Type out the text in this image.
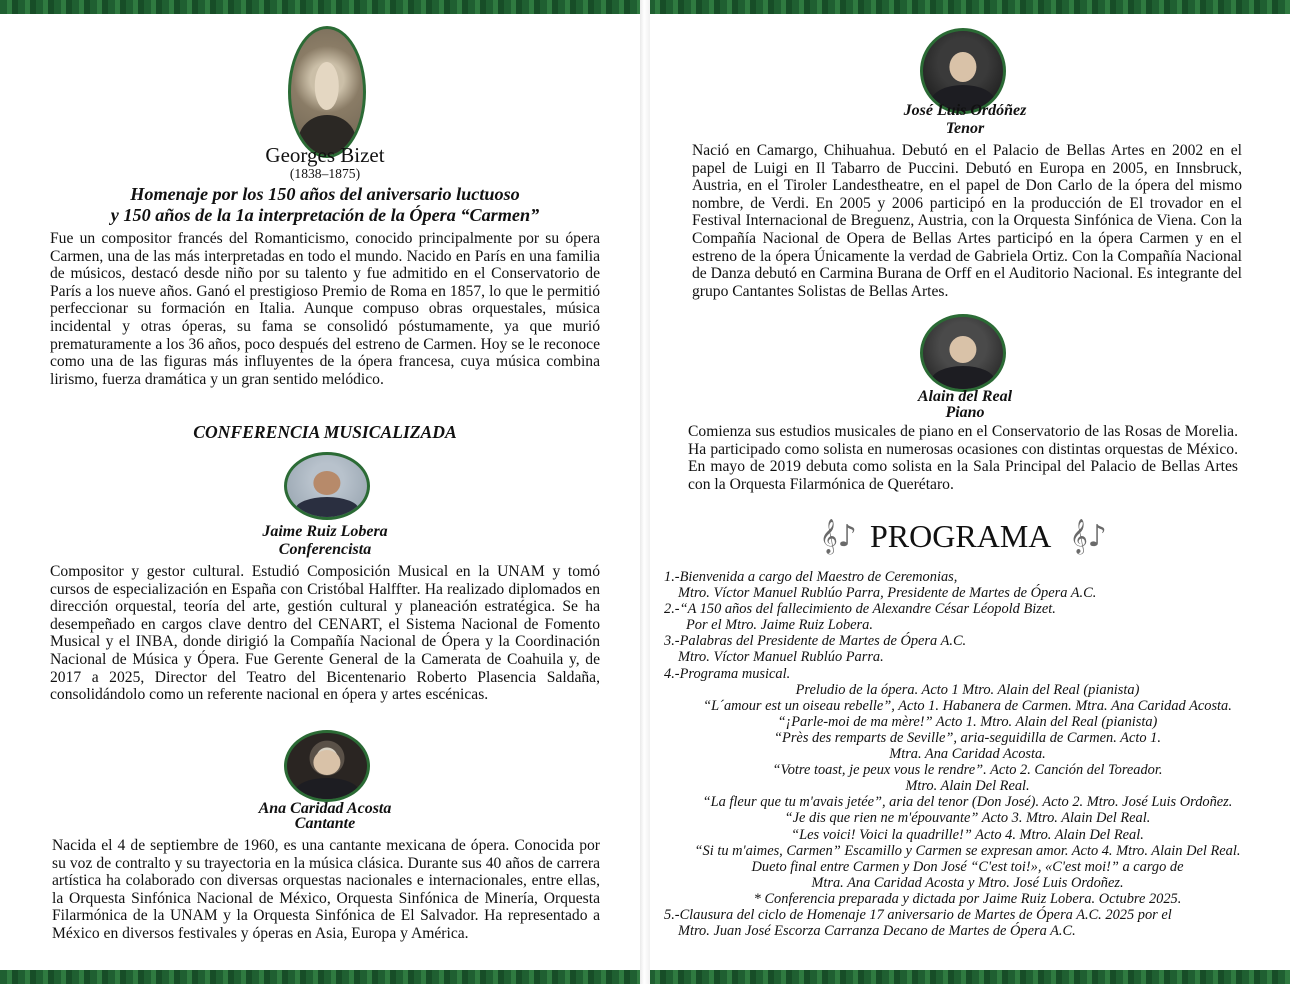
Georges Bizet
(1838–1875)
Homenaje por los 150 años del aniversario luctuoso
y 150 años de la 1a interpretación de la Ópera “Carmen”
Fue un compositor francés del Romanticismo, conocido principalmente por su ópera Carmen, una de las más interpretadas en todo el mundo. Nacido en París en una familia de músicos, destacó desde niño por su talento y fue admitido en el Conservatorio de París a los nueve años. Ganó el prestigioso Premio de Roma en 1857, lo que le permitió perfeccionar su formación en Italia. Aunque compuso obras orquestales, música incidental y otras óperas, su fama se consolidó póstumamente, ya que murió prematuramente a los 36 años, poco después del estreno de Carmen. Hoy se le reconoce como una de las figuras más influyentes de la ópera francesa, cuya música combina lirismo, fuerza dramática y un gran sentido melódico.
CONFERENCIA MUSICALIZADA
Jaime Ruiz Lobera
Conferencista
Compositor y gestor cultural. Estudió Composición Musical en la UNAM y tomó cursos de especialización en España con Cristóbal Halffter. Ha realizado diplomados en dirección orquestal, teoría del arte, gestión cultural y planeación estratégica. Se ha desempeñado en cargos clave dentro del CENART, el Sistema Nacional de Fomento Musical y el INBA, donde dirigió la Compañía Nacional de Ópera y la Coordinación Nacional de Música y Ópera. Fue Gerente General de la Camerata de Coahuila y, de 2017 a 2025, Director del Teatro del Bicentenario Roberto Plasencia Saldaña, consolidándolo como un referente nacional en ópera y artes escénicas.
Ana Caridad Acosta
Cantante
Nacida el 4 de septiembre de 1960, es una cantante mexicana de ópera. Conocida por su voz de contralto y su trayectoria en la música clásica. Durante sus 40 años de carrera artística ha colaborado con diversas orquestas nacionales e internacionales, entre ellas, la Orquesta Sinfónica Nacional de México, Orquesta Sinfónica de Minería, Orquesta Filarmónica de la UNAM y la Orquesta Sinfónica de El Salvador. Ha representado a México en diversos festivales y óperas en Asia, Europa y América.
José Luis Ordóñez
Tenor
Nació en Camargo, Chihuahua. Debutó en el Palacio de Bellas Artes en 2002 en el papel de Luigi en Il Tabarro de Puccini. Debutó en Europa en 2005, en Innsbruck, Austria, en el Tiroler Landestheatre, en el papel de Don Carlo de la ópera del mismo nombre, de Verdi. En 2005 y 2006 participó en la producción de El trovador en el Festival Internacional de Breguenz, Austria, con la Orquesta Sinfónica de Viena. Con la Compañía Nacional de Opera de Bellas Artes participó en la ópera Carmen y en el estreno de la ópera Únicamente la verdad de Gabriela Ortiz. Con la Compañía Nacional de Danza debutó en Carmina Burana de Orff en el Auditorio Nacional. Es integrante del grupo Cantantes Solistas de Bellas Artes.
Alain del Real
Piano
Comienza sus estudios musicales de piano en el Conservatorio de las Rosas de Morelia. Ha participado como solista en numerosas ocasiones con distintas orquestas de México. En mayo de 2019 debuta como solista en la Sala Principal del Palacio de Bellas Artes con la Orquesta Filarmónica de Querétaro.
𝄞♪ PROGRAMA 𝄞♪
1.-Bienvenida a cargo del Maestro de Ceremonias,
Mtro. Víctor Manuel Rublúo Parra, Presidente de Martes de Ópera A.C.
2.-“A 150 años del fallecimiento de Alexandre César Léopold Bizet.
Por el Mtro. Jaime Ruiz Lobera.
3.-Palabras del Presidente de Martes de Ópera A.C.
Mtro. Víctor Manuel Rublúo Parra.
4.-Programa musical.
Preludio de la ópera. Acto 1 Mtro. Alain del Real (pianista)
“L´amour est un oiseau rebelle”, Acto 1. Habanera de Carmen. Mtra. Ana Caridad Acosta.
“¡Parle-moi de ma mère!” Acto 1. Mtro. Alain del Real (pianista)
“Près des remparts de Seville”, aria-seguidilla de Carmen. Acto 1.
Mtra. Ana Caridad Acosta.
“Votre toast, je peux vous le rendre”. Acto 2. Canción del Toreador.
Mtro. Alain Del Real.
“La fleur que tu m'avais jetée”, aria del tenor (Don José). Acto 2. Mtro. José Luis Ordoñez.
“Je dis que rien ne m'épouvante” Acto 3. Mtro. Alain Del Real.
“Les voici! Voici la quadrille!” Acto 4. Mtro. Alain Del Real.
“Si tu m'aimes, Carmen” Escamillo y Carmen se expresan amor. Acto 4. Mtro. Alain Del Real.
Dueto final entre Carmen y Don José “C'est toi!», «C'est moi!” a cargo de
Mtra. Ana Caridad Acosta y Mtro. José Luis Ordoñez.
* Conferencia preparada y dictada por Jaime Ruiz Lobera. Octubre 2025.
5.-Clausura del ciclo de Homenaje 17 aniversario de Martes de Ópera A.C. 2025 por el
Mtro. Juan José Escorza Carranza Decano de Martes de Ópera A.C.
